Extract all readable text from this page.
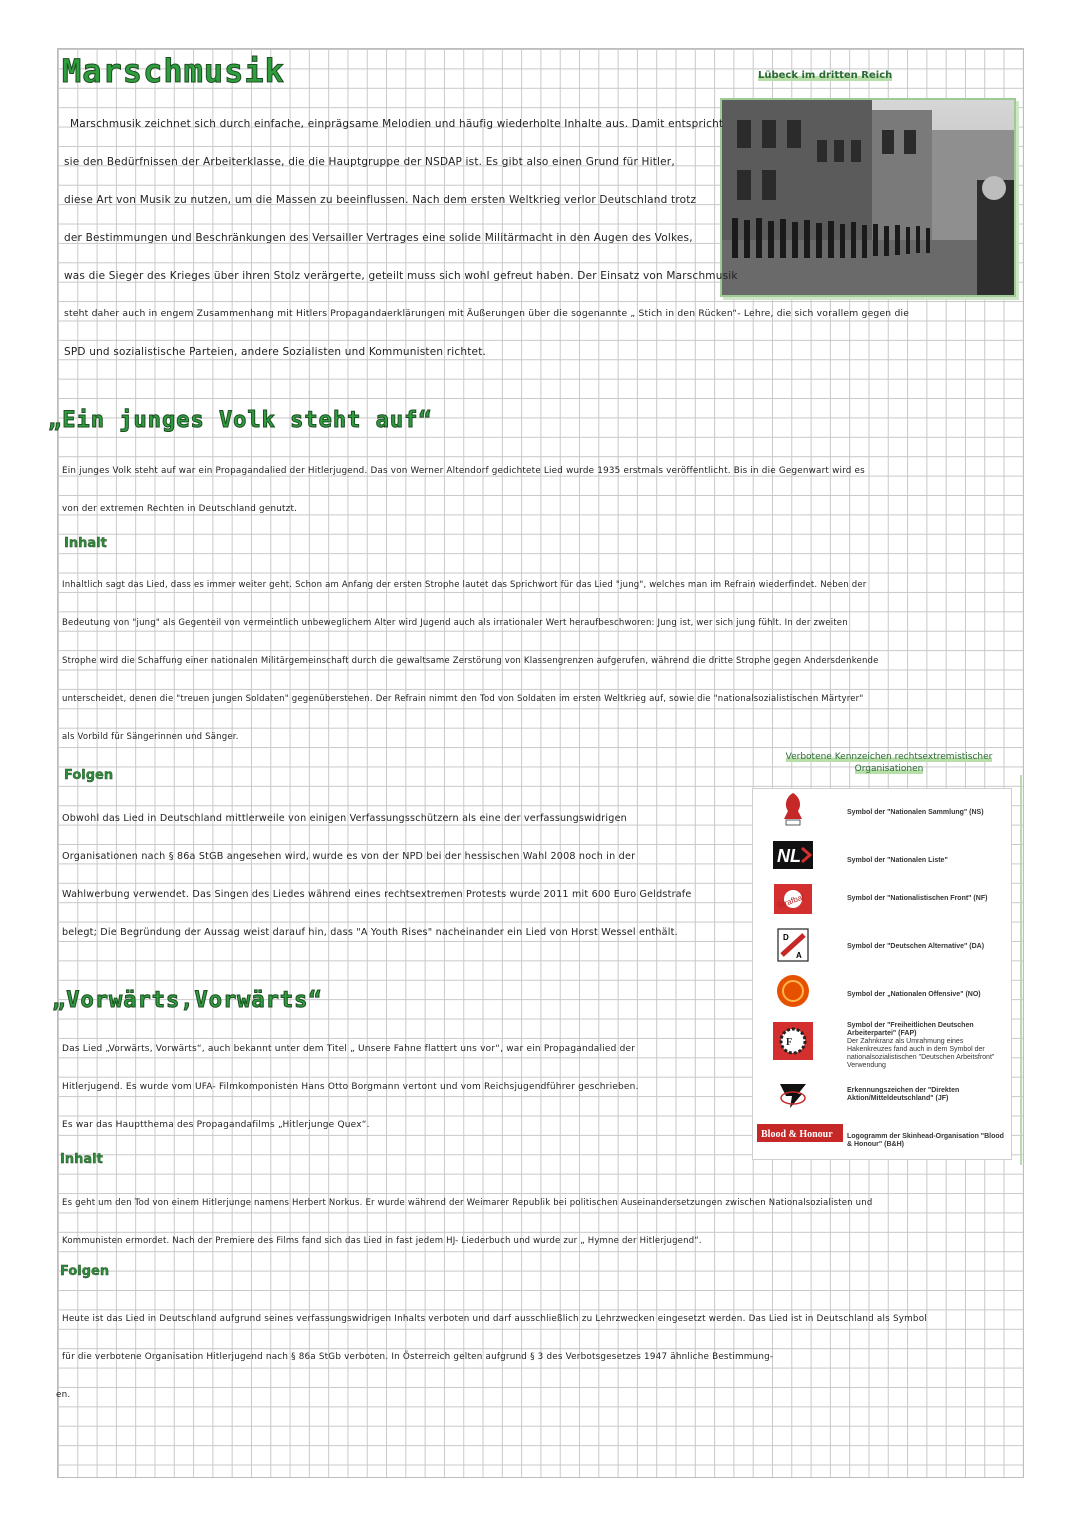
Marschmusik	Lübeck im dritten Reich

Marschmusik zeichnet sich durch einfache, einprägsame Melodien und häufig wiederholte Inhalte aus. Damit entspricht

sie den Bedürfnissen der Arbeiterklasse, die die Hauptgruppe der NSDAP ist. Es gibt also einen Grund für Hitler,

diese Art von Musik zu nutzen, um die Massen zu beeinflussen. Nach dem ersten Weltkrieg verlor Deutschland trotz

der Bestimmungen und Beschränkungen des Versailler Vertrages eine solide Militärmacht in den Augen des Volkes,

was die Sieger des Krieges über ihren Stolz verärgerte, geteilt muss sich wohl gefreut haben. Der Einsatz von Marschmusik

steht daher auch in engem Zusammenhang mit Hitlers Propagandaerklärungen mit Äußerungen über die sogenannte „ Stich in den Rücken“- Lehre, die sich vorallem gegen die

SPD und sozialistische Parteien, andere Sozialisten und Kommunisten richtet.

„Ein junges Volk steht auf“

Ein junges Volk steht auf war ein Propagandalied der Hitlerjugend. Das von Werner Altendorf gedichtete Lied wurde 1935 erstmals veröffentlicht. Bis in die Gegenwart wird es

von der extremen Rechten in Deutschland genutzt.

Inhalt

Inhaltlich sagt das Lied, dass es immer weiter geht. Schon am Anfang der ersten Strophe lautet das Sprichwort für das Lied "jung", welches man im Refrain wiederfindet. Neben der

Bedeutung von "jung" als Gegenteil von vermeintlich unbeweglichem Alter wird Jugend auch als irrationaler Wert heraufbeschworen: Jung ist, wer sich jung fühlt. In der zweiten

Strophe wird die Schaffung einer nationalen Militärgemeinschaft durch die gewaltsame Zerstörung von Klassengrenzen aufgerufen, während die dritte Strophe gegen Andersdenkende

unterscheidet, denen die "treuen jungen Soldaten" gegenüberstehen. Der Refrain nimmt den Tod von Soldaten im ersten Weltkrieg auf, sowie die "nationalsozialistischen Märtyrer"

als Vorbild für Sängerinnen und Sänger.

Folgen

Obwohl das Lied in Deutschland mittlerweile von einigen Verfassungsschützern als eine der verfassungswidrigen

Organisationen nach § 86a StGB angesehen wird, wurde es von der NPD bei der hessischen Wahl 2008 noch in der

Wahlwerbung verwendet. Das Singen des Liedes während eines rechtsextremen Protests wurde 2011 mit 600 Euro Geldstrafe

belegt; Die Begründung der Aussag weist darauf hin, dass "A Youth Rises" nacheinander ein Lied von Horst Wessel enthält.

Verbotene Kennzeichen rechtsextremistischer
Organisationen
Symbol der "Nationalen Sammlung" (NS)
NL	Symbol der "Nationalen Liste"
Strafbar	Symbol der "Nationalistischen Front" (NF)
D
A
Symbol der "Deutschen Alternative" (DA)
Symbol der „Nationalen Offensive" (NO)
F
Symbol der "Freiheitlichen Deutschen Arbeiterpartei" (FAP)
Der Zahnkranz als Umrahmung eines Hakenkreuzes fand auch in dem Symbol der nationalsozialistischen "Deutschen Arbeitsfront" Verwendung
Erkennungszeichen der "Direkten Aktion/Mitteldeutschland" (JF)
Blood & Honour Logogramm der Skinhead-Organisation "Blood & Honour" (B&H)
„Vorwärts,Vorwärts“

Das Lied „Vorwärts, Vorwärts“, auch bekannt unter dem Titel „ Unsere Fahne flattert uns vor“, war ein Propagandalied der

Hitlerjugend. Es wurde vom UFA- Filmkomponisten Hans Otto Borgmann vertont und vom Reichsjugendführer geschrieben.

Es war das Hauptthema des Propagandafilms „Hitlerjunge Quex“.

Inhalt

Es geht um den Tod von einem Hitlerjunge namens Herbert Norkus. Er wurde während der Weimarer Republik bei politischen Auseinandersetzungen zwischen Nationalsozialisten und

Kommunisten ermordet. Nach der Premiere des Films fand sich das Lied in fast jedem HJ- Liederbuch und wurde zur „ Hymne der Hitlerjugend“.

Folgen

Heute ist das Lied in Deutschland aufgrund seines verfassungswidrigen Inhalts verboten und darf ausschließlich zu Lehrzwecken eingesetzt werden. Das Lied ist in Deutschland als Symbol

für die verbotene Organisation Hitlerjugend nach § 86a StGb verboten. In Österreich gelten aufgrund § 3 des Verbotsgesetzes 1947 ähnliche Bestimmung-

en.
